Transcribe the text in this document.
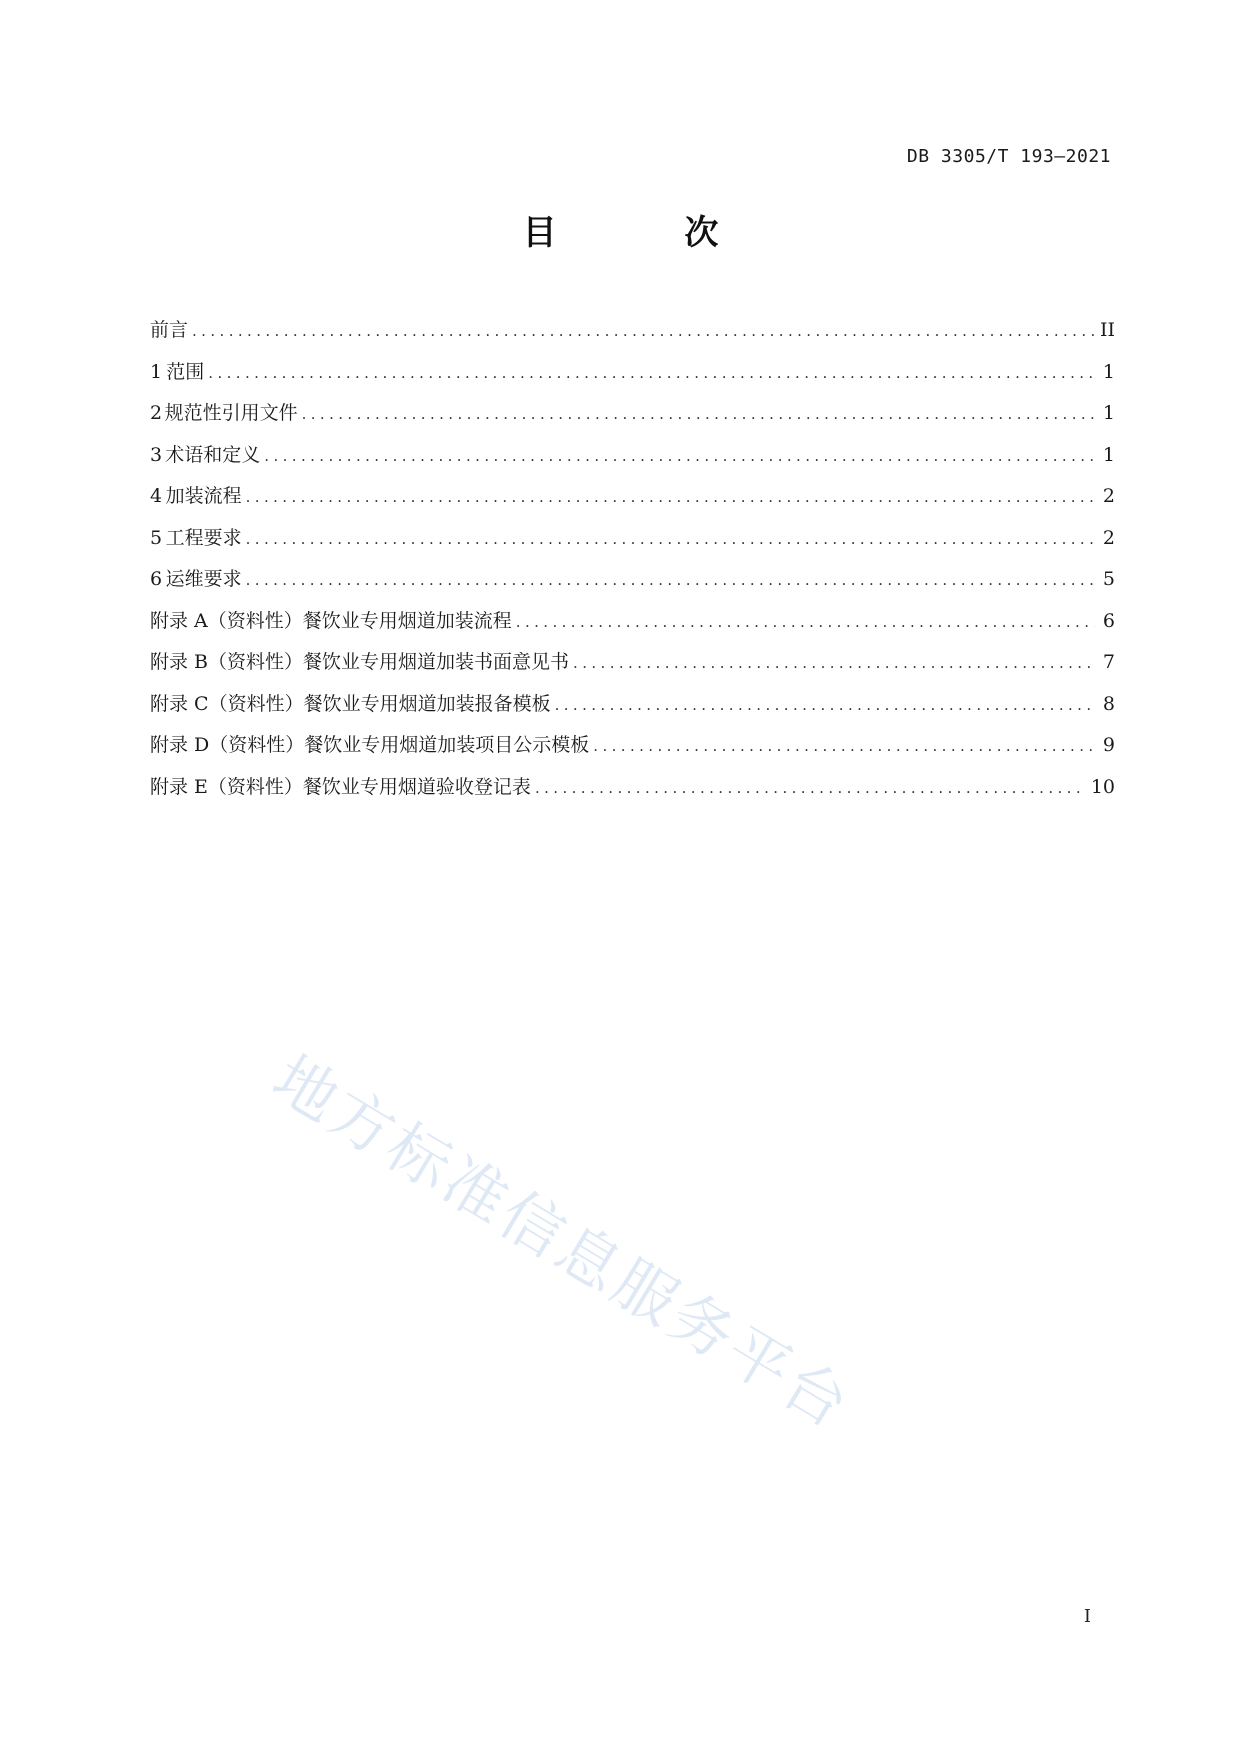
DB 3305/T 193—2021
目 次
前言 .....	II
1 范围 .....	1
2 规范性引用文件 .....	1
3 术语和定义 .....	1
4 加装流程 .....	2
5 工程要求 .....	2
6 运维要求 .....	5
附录 A（资料性） 餐饮业专用烟道加装流程 .....	6
附录 B（资料性） 餐饮业专用烟道加装书面意见书 .....	7
附录 C（资料性） 餐饮业专用烟道加装报备模板 .....	8
附录 D（资料性） 餐饮业专用烟道加装项目公示模板 .....	9
附录 E（资料性） 餐饮业专用烟道验收登记表 .....	10
地方标准信息服务平台
I
